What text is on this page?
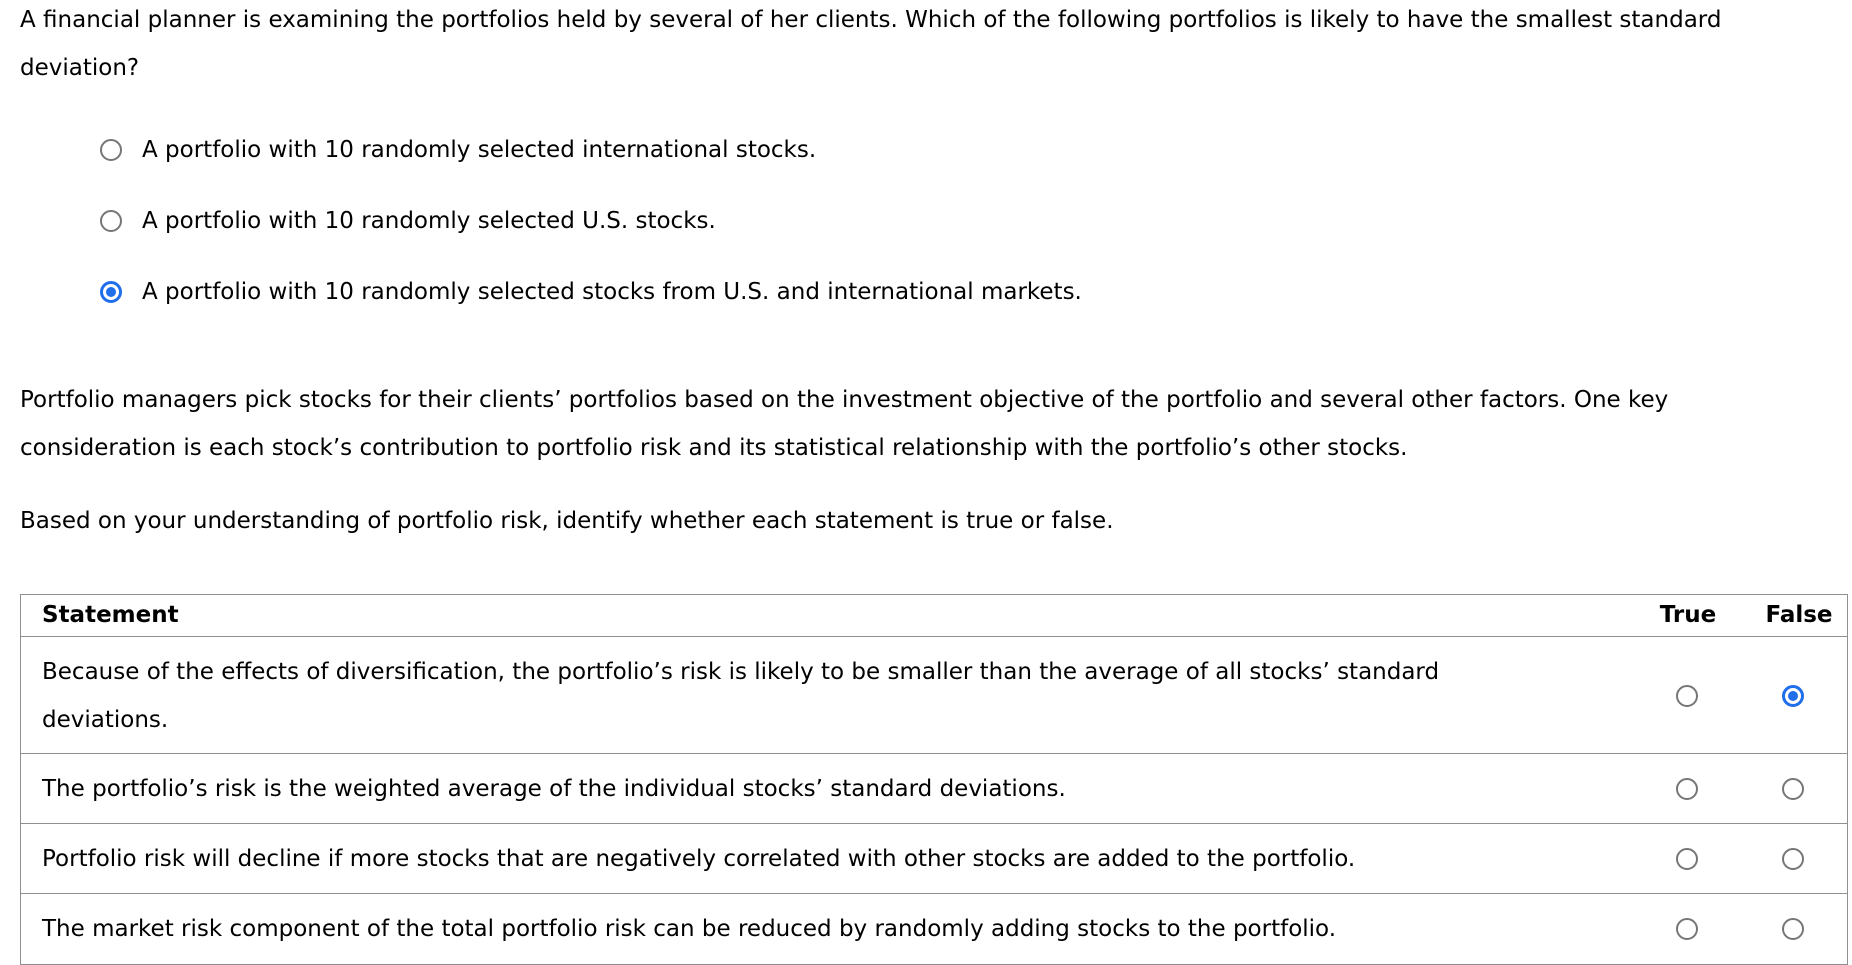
A financial planner is examining the portfolios held by several of her clients. Which of the following portfolios is likely to have the smallest standard deviation?

A portfolio with 10 randomly selected international stocks.
A portfolio with 10 randomly selected U.S. stocks.
A portfolio with 10 randomly selected stocks from U.S. and international markets.

Portfolio managers pick stocks for their clients’ portfolios based on the investment objective of the portfolio and several other factors. One key consideration is each stock’s contribution to portfolio risk and its statistical relationship with the portfolio’s other stocks.

Based on your understanding of portfolio risk, identify whether each statement is true or false.

Statement	True	False
Because of the effects of diversification, the portfolio’s risk is likely to be smaller than the average of all stocks’ standard deviations.
The portfolio’s risk is the weighted average of the individual stocks’ standard deviations.
Portfolio risk will decline if more stocks that are negatively correlated with other stocks are added to the portfolio.
The market risk component of the total portfolio risk can be reduced by randomly adding stocks to the portfolio.
